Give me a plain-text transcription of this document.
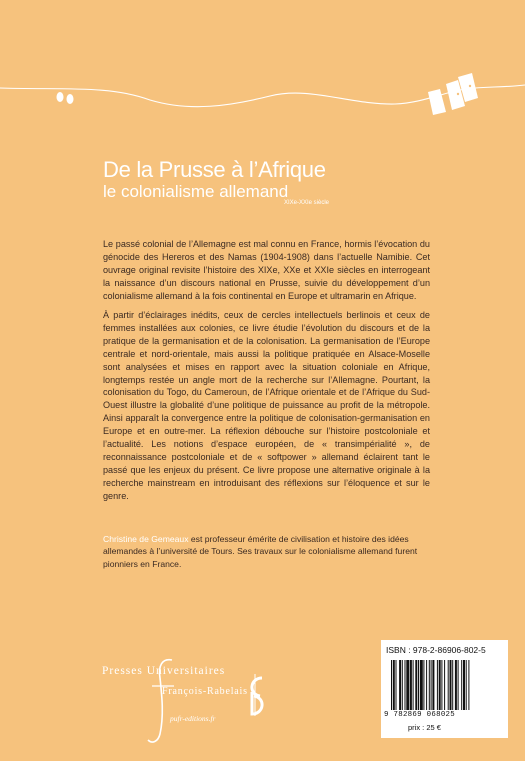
De la Prusse à l’Afrique
le colonialisme allemand
XIXe-XXIe siècle

Le passé colonial de l’Allemagne est mal connu en France, hormis l’évocation du génocide des Hereros et des Namas (1904-1908) dans l’actuelle Namibie. Cet ouvrage original revisite l’histoire des XIXe, XXe et XXIe siècles en interrogeant la naissance d’un discours national en Prusse, suivie du développement d’un colonialisme allemand à la fois continental en Europe et ultramarin en Afrique.

À partir d’éclairages inédits, ceux de cercles intellectuels berlinois et ceux de femmes installées aux colonies, ce livre étudie l’évolution du discours et de la pratique de la germanisation et de la colonisation. La germanisation de l’Europe centrale et nord-orientale, mais aussi la politique pratiquée en Alsace-Moselle sont analysées et mises en rapport avec la situation coloniale en Afrique, longtemps restée un angle mort de la recherche sur l’Allemagne. Pourtant, la colonisation du Togo, du Cameroun, de l’Afrique orientale et de l’Afrique du Sud-Ouest illustre la globalité d’une politique de puissance au profit de la métropole. Ainsi apparaît la convergence entre la politique de colonisation-germanisation en Europe et en outre-mer. La réflexion débouche sur l’histoire postcoloniale et l’actualité. Les notions d’espace européen, de « transimpérialité », de reconnaissance postcoloniale et de « softpower » allemand éclairent tant le passé que les enjeux du présent. Ce livre propose une alternative originale à la recherche mainstream en introduisant des réflexions sur l’éloquence et sur le genre.

Christine de Gemeaux est professeur émérite de civilisation et histoire des idées allemandes à l’université de Tours. Ses travaux sur le colonialisme allemand furent pionniers en France.
Presses Universitaires
François-Rabelais
pufr-editions.fr
ISBN : 978-2-86906-802-5
9 782869 068025
prix : 25 €
